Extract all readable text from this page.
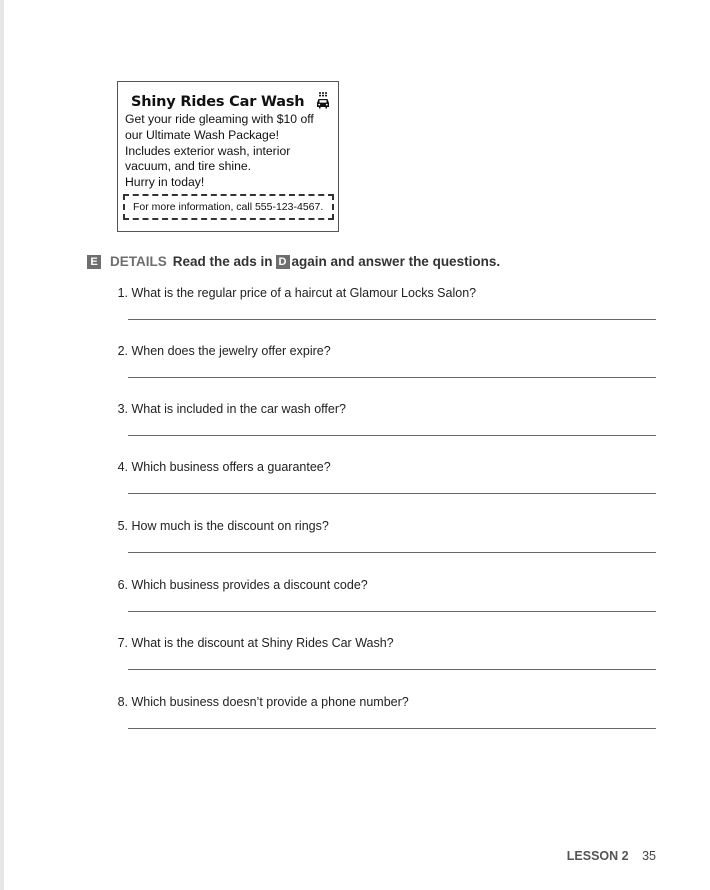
Shiny Rides Car Wash
Get your ride gleaming with $10 off
our Ultimate Wash Package!
Includes exterior wash, interior
vacuum, and tire shine.
Hurry in today!
For more information, call 555-123-4567.
E DETAILS Read the ads in D again and answer the questions.
1. What is the regular price of a haircut at Glamour Locks Salon?
2. When does the jewelry offer expire?
3. What is included in the car wash offer?
4. Which business offers a guarantee?
5. How much is the discount on rings?
6. Which business provides a discount code?
7. What is the discount at Shiny Rides Car Wash?
8. Which business doesn’t provide a phone number?
LESSON 2 35
